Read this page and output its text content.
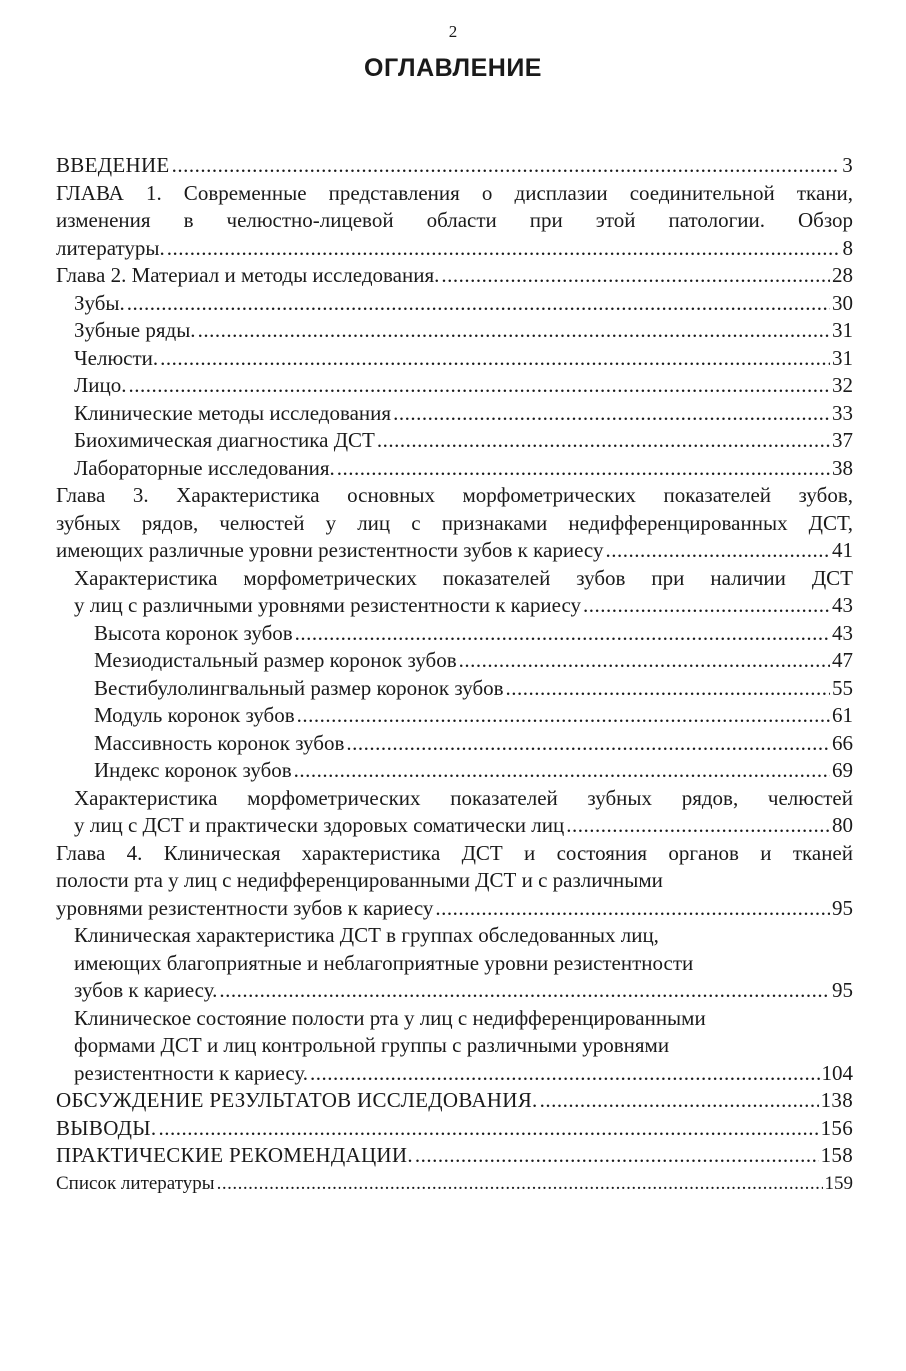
2
ОГЛАВЛЕНИЕ
ВВЕДЕНИЕ .....	3
ГЛАВА 1. Современные представления о дисплазии соединительной ткани,
изменения в челюстно-лицевой области при этой патологии. Обзор
литературы. .....	8
Глава 2. Материал и методы исследования. .....	28
Зубы. .....	30
Зубные ряды. .....	31
Челюсти. .....	31
Лицо. .....	32
Клинические методы исследования .....	33
Биохимическая диагностика ДСТ .....	37
Лабораторные исследования. .....	38
Глава 3. Характеристика основных морфометрических показателей зубов,
зубных рядов, челюстей у лиц с признаками недифференцированных ДСТ,
имеющих различные уровни резистентности зубов к кариесу .....	41
Характеристика морфометрических показателей зубов при наличии ДСТ
у лиц с различными уровнями резистентности к кариесу .....	43
Высота коронок зубов .....	43
Мезиодистальный размер коронок зубов .....	47
Вестибулолингвальный размер коронок зубов .....	55
Модуль коронок зубов .....	61
Массивность коронок зубов .....	66
Индекс коронок зубов .....	69
Характеристика морфометрических показателей зубных рядов, челюстей
у лиц с ДСТ и практически здоровых соматически лиц .....	80
Глава 4. Клиническая характеристика ДСТ и состояния органов и тканей
полости рта у лиц с недифференцированными ДСТ и с различными
уровнями резистентности зубов к кариесу .....	95
Клиническая характеристика ДСТ в группах обследованных лиц,
имеющих благоприятные и неблагоприятные уровни резистентности
зубов к кариесу. .....	95
Клиническое состояние полости рта у лиц с недифференцированными
формами ДСТ и лиц контрольной группы с различными уровнями
резистентности к кариесу. .....	104
ОБСУЖДЕНИЕ РЕЗУЛЬТАТОВ ИССЛЕДОВАНИЯ. .....	138
ВЫВОДЫ. .....	156
ПРАКТИЧЕСКИЕ РЕКОМЕНДАЦИИ. .....	158
Список литературы .....	159
